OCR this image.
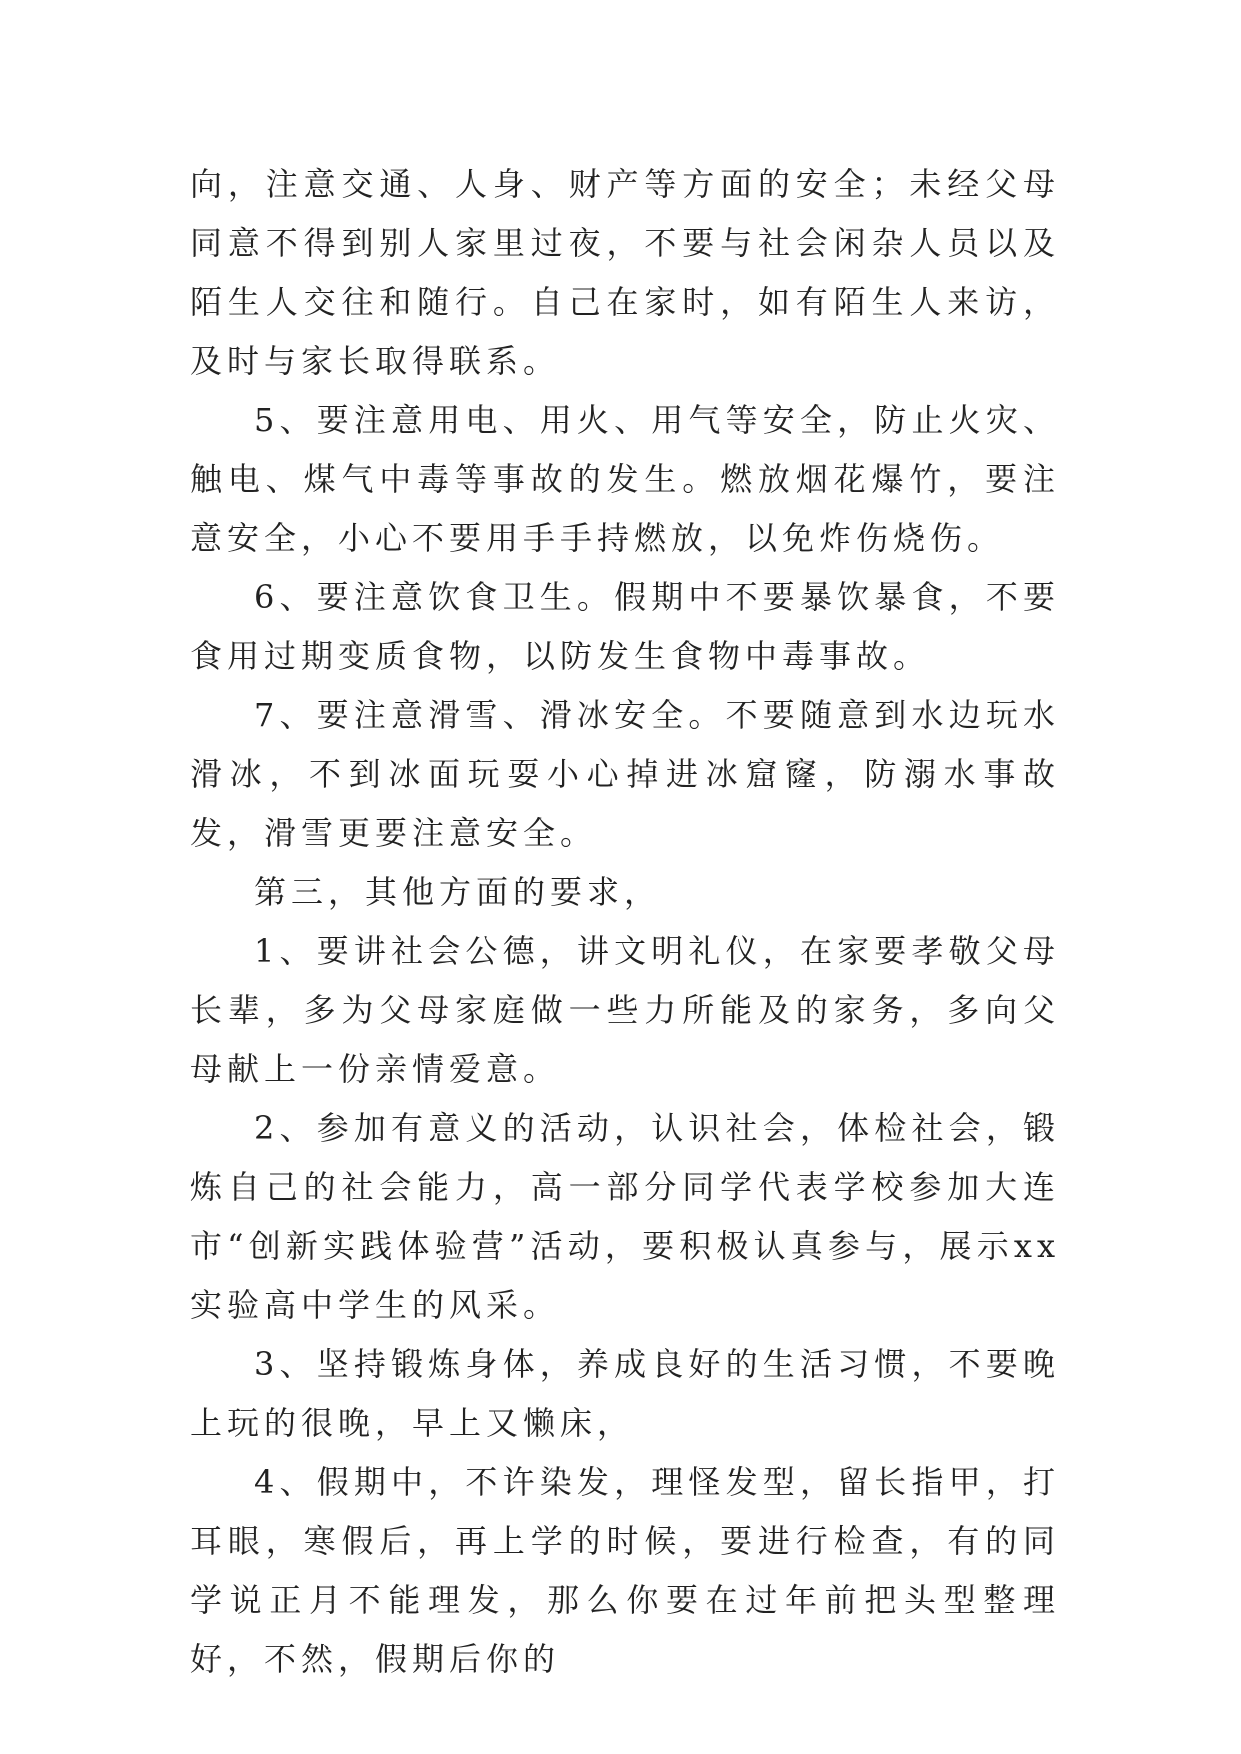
向，注意交通、人身、财产等方面的安全；未经父母同意不得到别人家里过夜，不要与社会闲杂人员以及陌生人交往和随行。自己在家时，如有陌生人来访，及时与家长取得联系。

5、要注意用电、用火、用气等安全，防止火灾、触电、煤气中毒等事故的发生。燃放烟花爆竹，要注意安全，小心不要用手手持燃放，以免炸伤烧伤。

6、要注意饮食卫生。假期中不要暴饮暴食，不要食用过期变质食物，以防发生食物中毒事故。

7、要注意滑雪、滑冰安全。不要随意到水边玩水滑冰，不到冰面玩耍小心掉进冰窟窿，防溺水事故发，滑雪更要注意安全。

第三，其他方面的要求，

1、要讲社会公德，讲文明礼仪，在家要孝敬父母长辈，多为父母家庭做一些力所能及的家务，多向父母献上一份亲情爱意。

2、参加有意义的活动，认识社会，体检社会，锻炼自己的社会能力，高一部分同学代表学校参加大连市“创新实践体验营”活动，要积极认真参与，展示xx实验高中学生的风采。

3、坚持锻炼身体，养成良好的生活习惯，不要晚上玩的很晚，早上又懒床，

4、假期中，不许染发，理怪发型，留长指甲，打耳眼，寒假后，再上学的时候，要进行检查，有的同学说正月不能理发，那么你要在过年前把头型整理好，不然，假期后你的
